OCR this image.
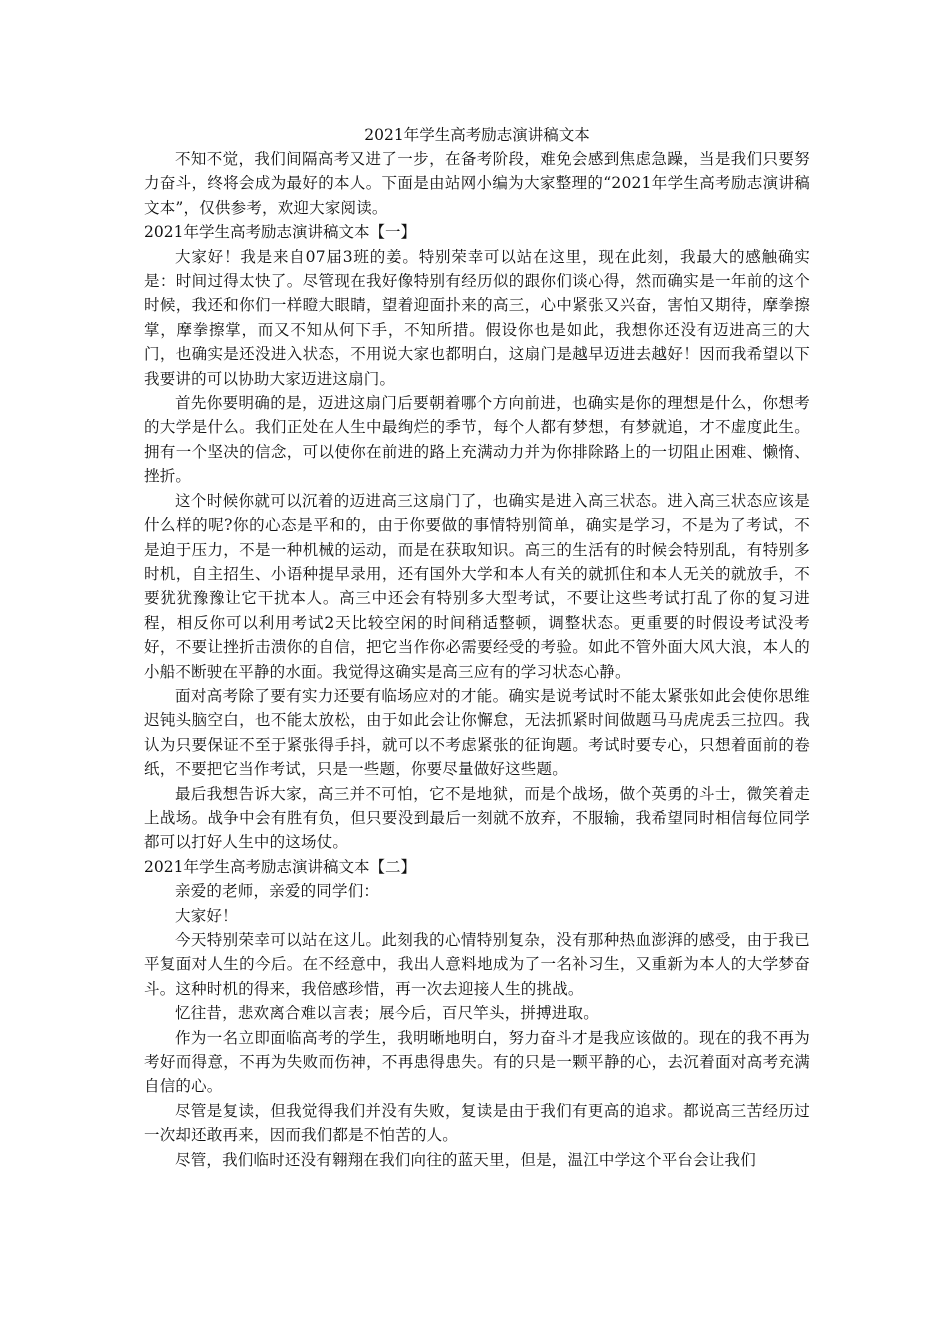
2021年学生高考励志演讲稿文本

不知不觉，我们间隔高考又进了一步，在备考阶段，难免会感到焦虑急躁，当是我们只要努力奋斗，终将会成为最好的本人。下面是由站网小编为大家整理的“2021年学生高考励志演讲稿文本”，仅供参考，欢迎大家阅读。

2021年学生高考励志演讲稿文本【一】

大家好！我是来自07届3班的姜。特别荣幸可以站在这里，现在此刻，我最大的感触确实是：时间过得太快了。尽管现在我好像特别有经历似的跟你们谈心得，然而确实是一年前的这个时候，我还和你们一样瞪大眼睛，望着迎面扑来的高三，心中紧张又兴奋，害怕又期待，摩拳擦掌，摩拳擦掌，而又不知从何下手，不知所措。假设你也是如此，我想你还没有迈进高三的大门，也确实是还没进入状态，不用说大家也都明白，这扇门是越早迈进去越好！因而我希望以下我要讲的可以协助大家迈进这扇门。

首先你要明确的是，迈进这扇门后要朝着哪个方向前进，也确实是你的理想是什么，你想考的大学是什么。我们正处在人生中最绚烂的季节，每个人都有梦想，有梦就追，才不虚度此生。拥有一个坚决的信念，可以使你在前进的路上充满动力并为你排除路上的一切阻止困难、懒惰、挫折。

这个时候你就可以沉着的迈进高三这扇门了，也确实是进入高三状态。进入高三状态应该是什么样的呢?你的心态是平和的，由于你要做的事情特别简单，确实是学习，不是为了考试，不是迫于压力，不是一种机械的运动，而是在获取知识。高三的生活有的时候会特别乱，有特别多时机，自主招生、小语种提早录用，还有国外大学和本人有关的就抓住和本人无关的就放手，不要犹犹豫豫让它干扰本人。高三中还会有特别多大型考试，不要让这些考试打乱了你的复习进程，相反你可以利用考试2天比较空闲的时间稍适整顿，调整状态。更重要的时假设考试没考好，不要让挫折击溃你的自信，把它当作你必需要经受的考验。如此不管外面大风大浪，本人的小船不断驶在平静的水面。我觉得这确实是高三应有的学习状态心静。

面对高考除了要有实力还要有临场应对的才能。确实是说考试时不能太紧张如此会使你思维迟钝头脑空白，也不能太放松，由于如此会让你懈怠，无法抓紧时间做题马马虎虎丢三拉四。我认为只要保证不至于紧张得手抖，就可以不考虑紧张的征询题。考试时要专心，只想着面前的卷纸，不要把它当作考试，只是一些题，你要尽量做好这些题。

最后我想告诉大家，高三并不可怕，它不是地狱，而是个战场，做个英勇的斗士，微笑着走上战场。战争中会有胜有负，但只要没到最后一刻就不放弃，不服输，我希望同时相信每位同学都可以打好人生中的这场仗。

2021年学生高考励志演讲稿文本【二】

亲爱的老师，亲爱的同学们：

大家好！

今天特别荣幸可以站在这儿。此刻我的心情特别复杂，没有那种热血澎湃的感受，由于我已平复面对人生的今后。在不经意中，我出人意料地成为了一名补习生，又重新为本人的大学梦奋斗。这种时机的得来，我倍感珍惜，再一次去迎接人生的挑战。

忆往昔，悲欢离合难以言表；展今后，百尺竿头，拼搏进取。

作为一名立即面临高考的学生，我明晰地明白，努力奋斗才是我应该做的。现在的我不再为考好而得意，不再为失败而伤神，不再患得患失。有的只是一颗平静的心，去沉着面对高考充满自信的心。

尽管是复读，但我觉得我们并没有失败，复读是由于我们有更高的追求。都说高三苦经历过一次却还敢再来，因而我们都是不怕苦的人。

尽管，我们临时还没有翱翔在我们向往的蓝天里，但是，温江中学这个平台会让我们
